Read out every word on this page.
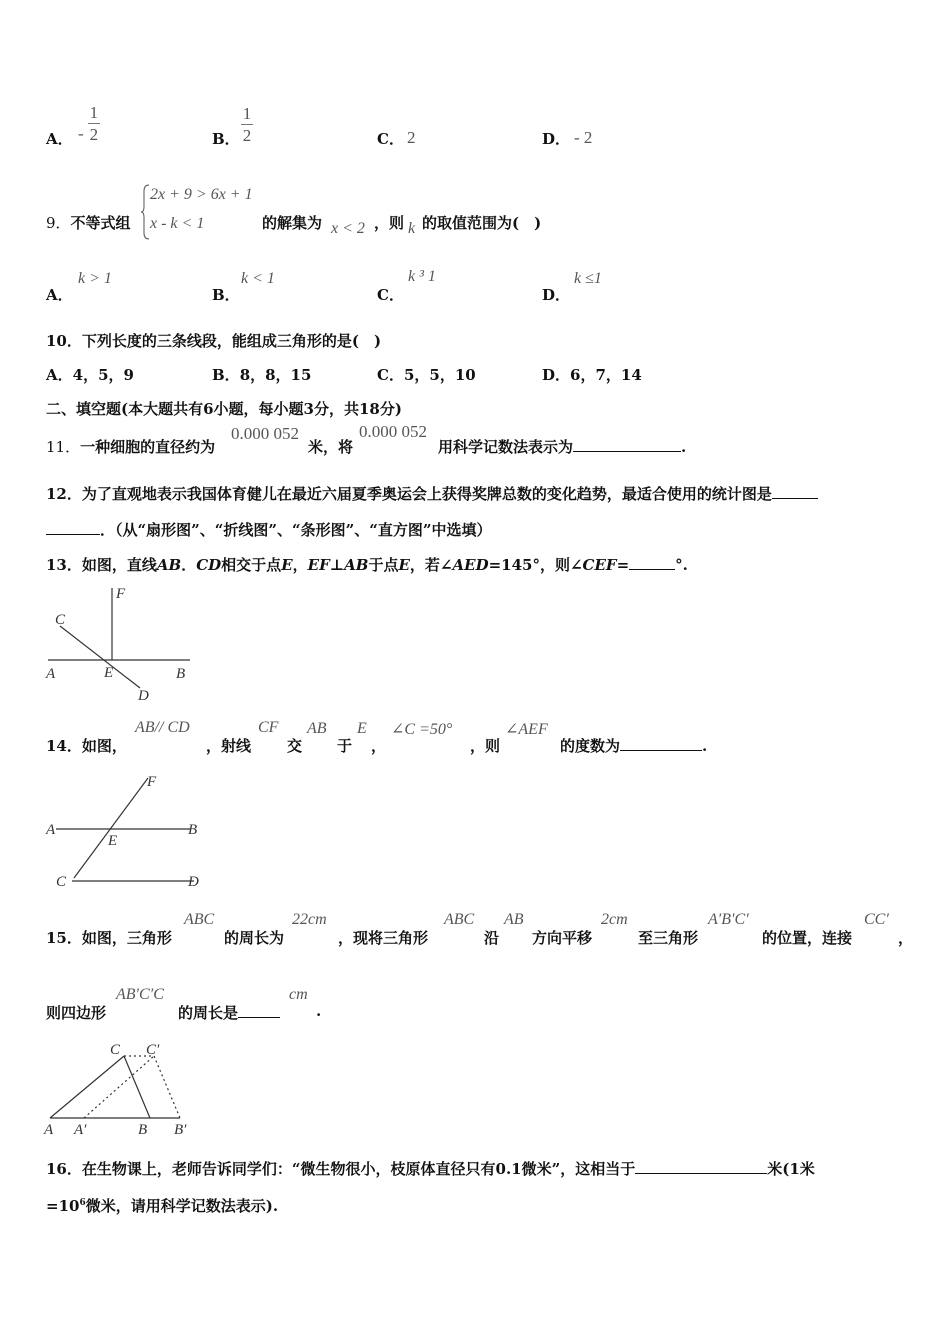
A． - $\frac{1}{2}$	B． $\frac{1}{2}$	C． 2	D． - 2
9．不等式组
2x + 9 > 6x + 1
x - k < 1	的解集为 x < 2 ，则 k 的取值范围为(　)
A．
k > 1
B．
k < 1
C．
k ³ 1
D．
k ≤1
10．下列长度的三条线段，能组成三角形的是(　)
A．4，5，9	B．8，8，15	C．5，5，10	D．6，7，14
二、填空题(本大题共有6小题，每小题3分，共18分)
11．一种细胞的直径约为
0.000 052
米，将
0.000 052
用科学记数法表示为	.
12．为了直观地表示我国体育健儿在最近六届夏季奥运会上获得奖牌总数的变化趋势，最适合使用的统计图是
．（从“扇形图”、“折线图”、“条形图”、“直方图”中选填）
13．如图，直线AB．CD相交于点E，EF⊥AB于点E，若∠AED=145°，则∠CEF=	°.
C
F
A	E	B
D
14．如图，
AB// CD
，射线
CF
交
AB
于
E
，
∠C =50°
，则
∠AEF
的度数为	.
F
A
E
B
C	D
15．如图，三角形
ABC
的周长为
22cm
，现将三角形
ABC
沿
AB
方向平移
2cm
至三角形
A′B′C′
的位置，连接
CC′
，
则四边形
AB′C′C
的周长是
cm
.
C C′
A A′	B B′
16．在生物课上，老师告诉同学们：“微生物很小，枝原体直径只有0.1微米”，这相当于	米(1米
$=10^6$微米，请用科学记数法表示).
